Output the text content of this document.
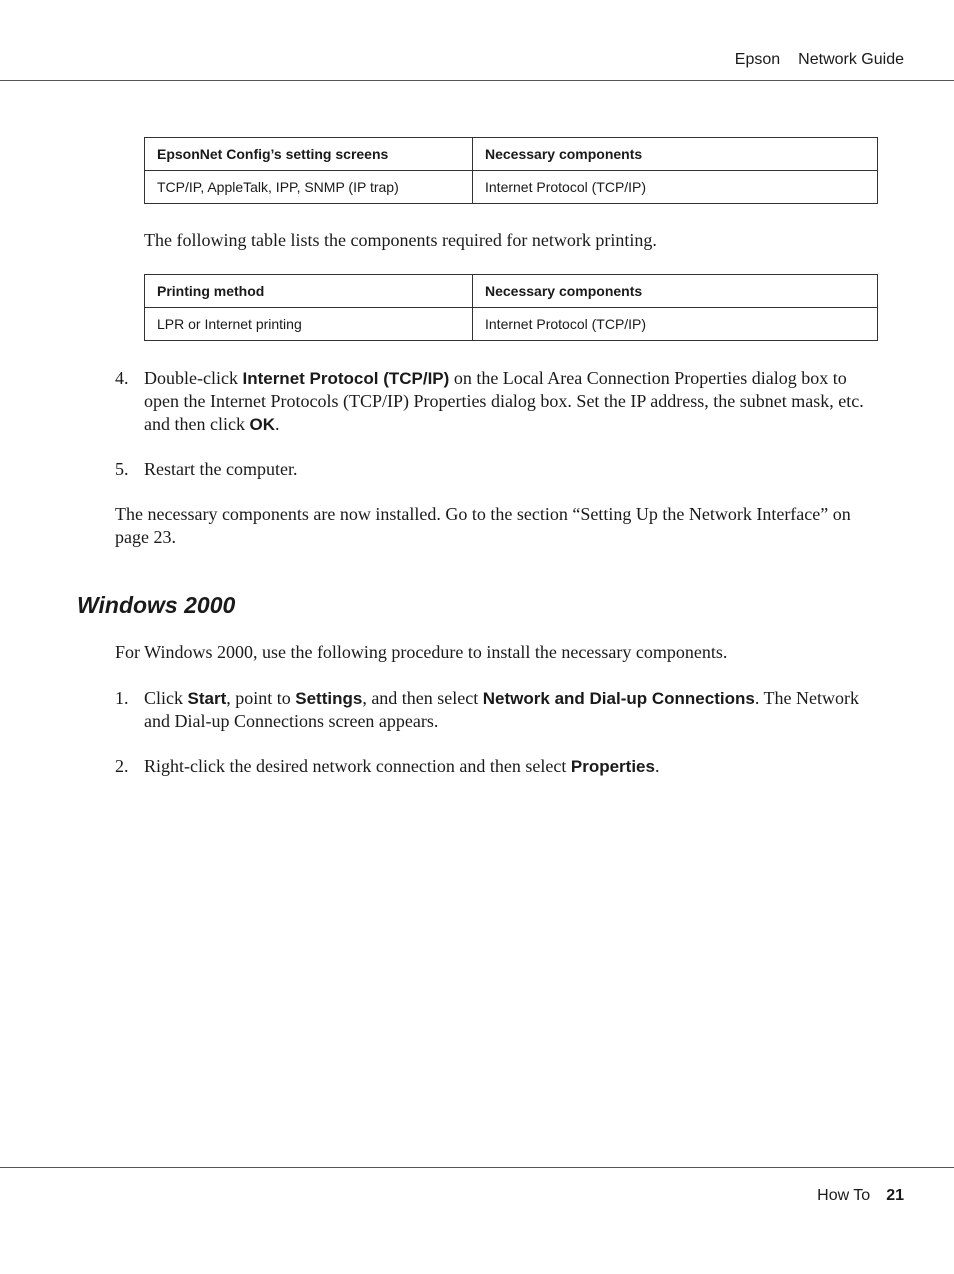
Epson Network Guide
EpsonNet Config’s setting screens	Necessary components
TCP/IP, AppleTalk, IPP, SNMP (IP trap)	Internet Protocol (TCP/IP)

The following table lists the components required for network printing.

Printing method	Necessary components
LPR or Internet printing	Internet Protocol (TCP/IP)
4. Double-click Internet Protocol (TCP/IP) on the Local Area Connection Properties dialog box to open the Internet Protocols (TCP/IP) Properties dialog box. Set the IP address, the subnet mask, etc. and then click OK.
5. Restart the computer.

The necessary components are now installed. Go to the section “Setting Up the Network Interface” on page 23.

Windows 2000

For Windows 2000, use the following procedure to install the necessary components.

1. Click Start, point to Settings, and then select Network and Dial-up Connections. The Network and Dial-up Connections screen appears.
2. Right-click the desired network connection and then select Properties.
How To 21
